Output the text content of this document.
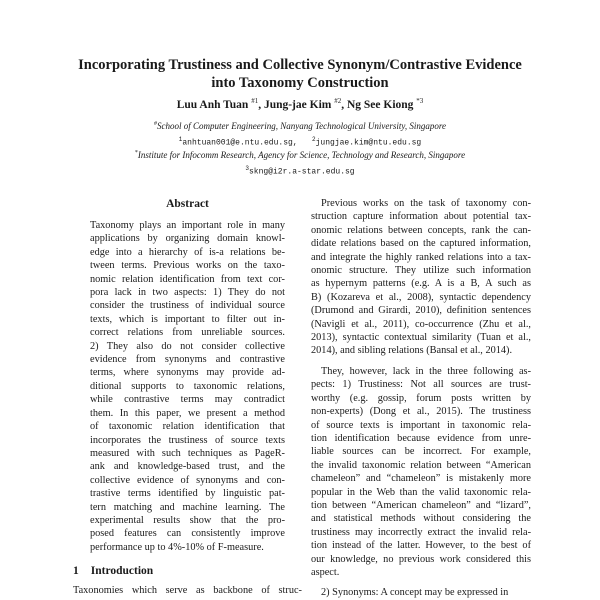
Incorporating Trustiness and Collective Synonym/Contrastive Evidence
into Taxonomy Construction
Luu Anh Tuan $^{\#1}$, Jung-jae Kim $^{\#2}$, Ng See Kiong $^{*3}$
#School of Computer Engineering, Nanyang Technological University, Singapore
$^1$anhtuan001@e.ntu.edu.sg, $^2$jungjae.kim@ntu.edu.sg
*Institute for Infocomm Research, Agency for Science, Technology and Research, Singapore
$^3$skng@i2r.a-star.edu.sg
Abstract
Taxonomy plays an important role in many
applications by organizing domain knowl-
edge into a hierarchy of is-a relations be-
tween terms. Previous works on the taxo-
nomic relation identification from text cor-
pora lack in two aspects: 1) They do not
consider the trustiness of individual source
texts, which is important to filter out in-
correct relations from unreliable sources.
2) They also do not consider collective
evidence from synonyms and contrastive
terms, where synonyms may provide ad-
ditional supports to taxonomic relations,
while contrastive terms may contradict
them. In this paper, we present a method
of taxonomic relation identification that
incorporates the trustiness of source texts
measured with such techniques as PageR-
ank and knowledge-based trust, and the
collective evidence of synonyms and con-
trastive terms identified by linguistic pat-
tern matching and machine learning. The
experimental results show that the pro-
posed features can consistently improve
performance up to 4%-10% of F-measure.
1 Introduction
Taxonomies which serve as backbone of struc-
Previous works on the task of taxonomy con-
struction capture information about potential tax-
onomic relations between concepts, rank the can-
didate relations based on the captured information,
and integrate the highly ranked relations into a tax-
onomic structure. They utilize such information
as hypernym patterns (e.g. A is a B, A such as
B) (Kozareva et al., 2008), syntactic dependency
(Drumond and Girardi, 2010), definition sentences
(Navigli et al., 2011), co-occurrence (Zhu et al.,
2013), syntactic contextual similarity (Tuan et al.,
2014), and sibling relations (Bansal et al., 2014).
They, however, lack in the three following as-
pects: 1) Trustiness: Not all sources are trust-
worthy (e.g. gossip, forum posts written by
non-experts) (Dong et al., 2015). The trustiness
of source texts is important in taxonomic rela-
tion identification because evidence from unre-
liable sources can be incorrect. For example,
the invalid taxonomic relation between “American
chameleon” and “chameleon” is mistakenly more
popular in the Web than the valid taxonomic rela-
tion between “American chameleon” and “lizard”,
and statistical methods without considering the
trustiness may incorrectly extract the invalid rela-
tion instead of the latter. However, to the best of
our knowledge, no previous work considered this
aspect.
2) Synonyms: A concept may be expressed in
